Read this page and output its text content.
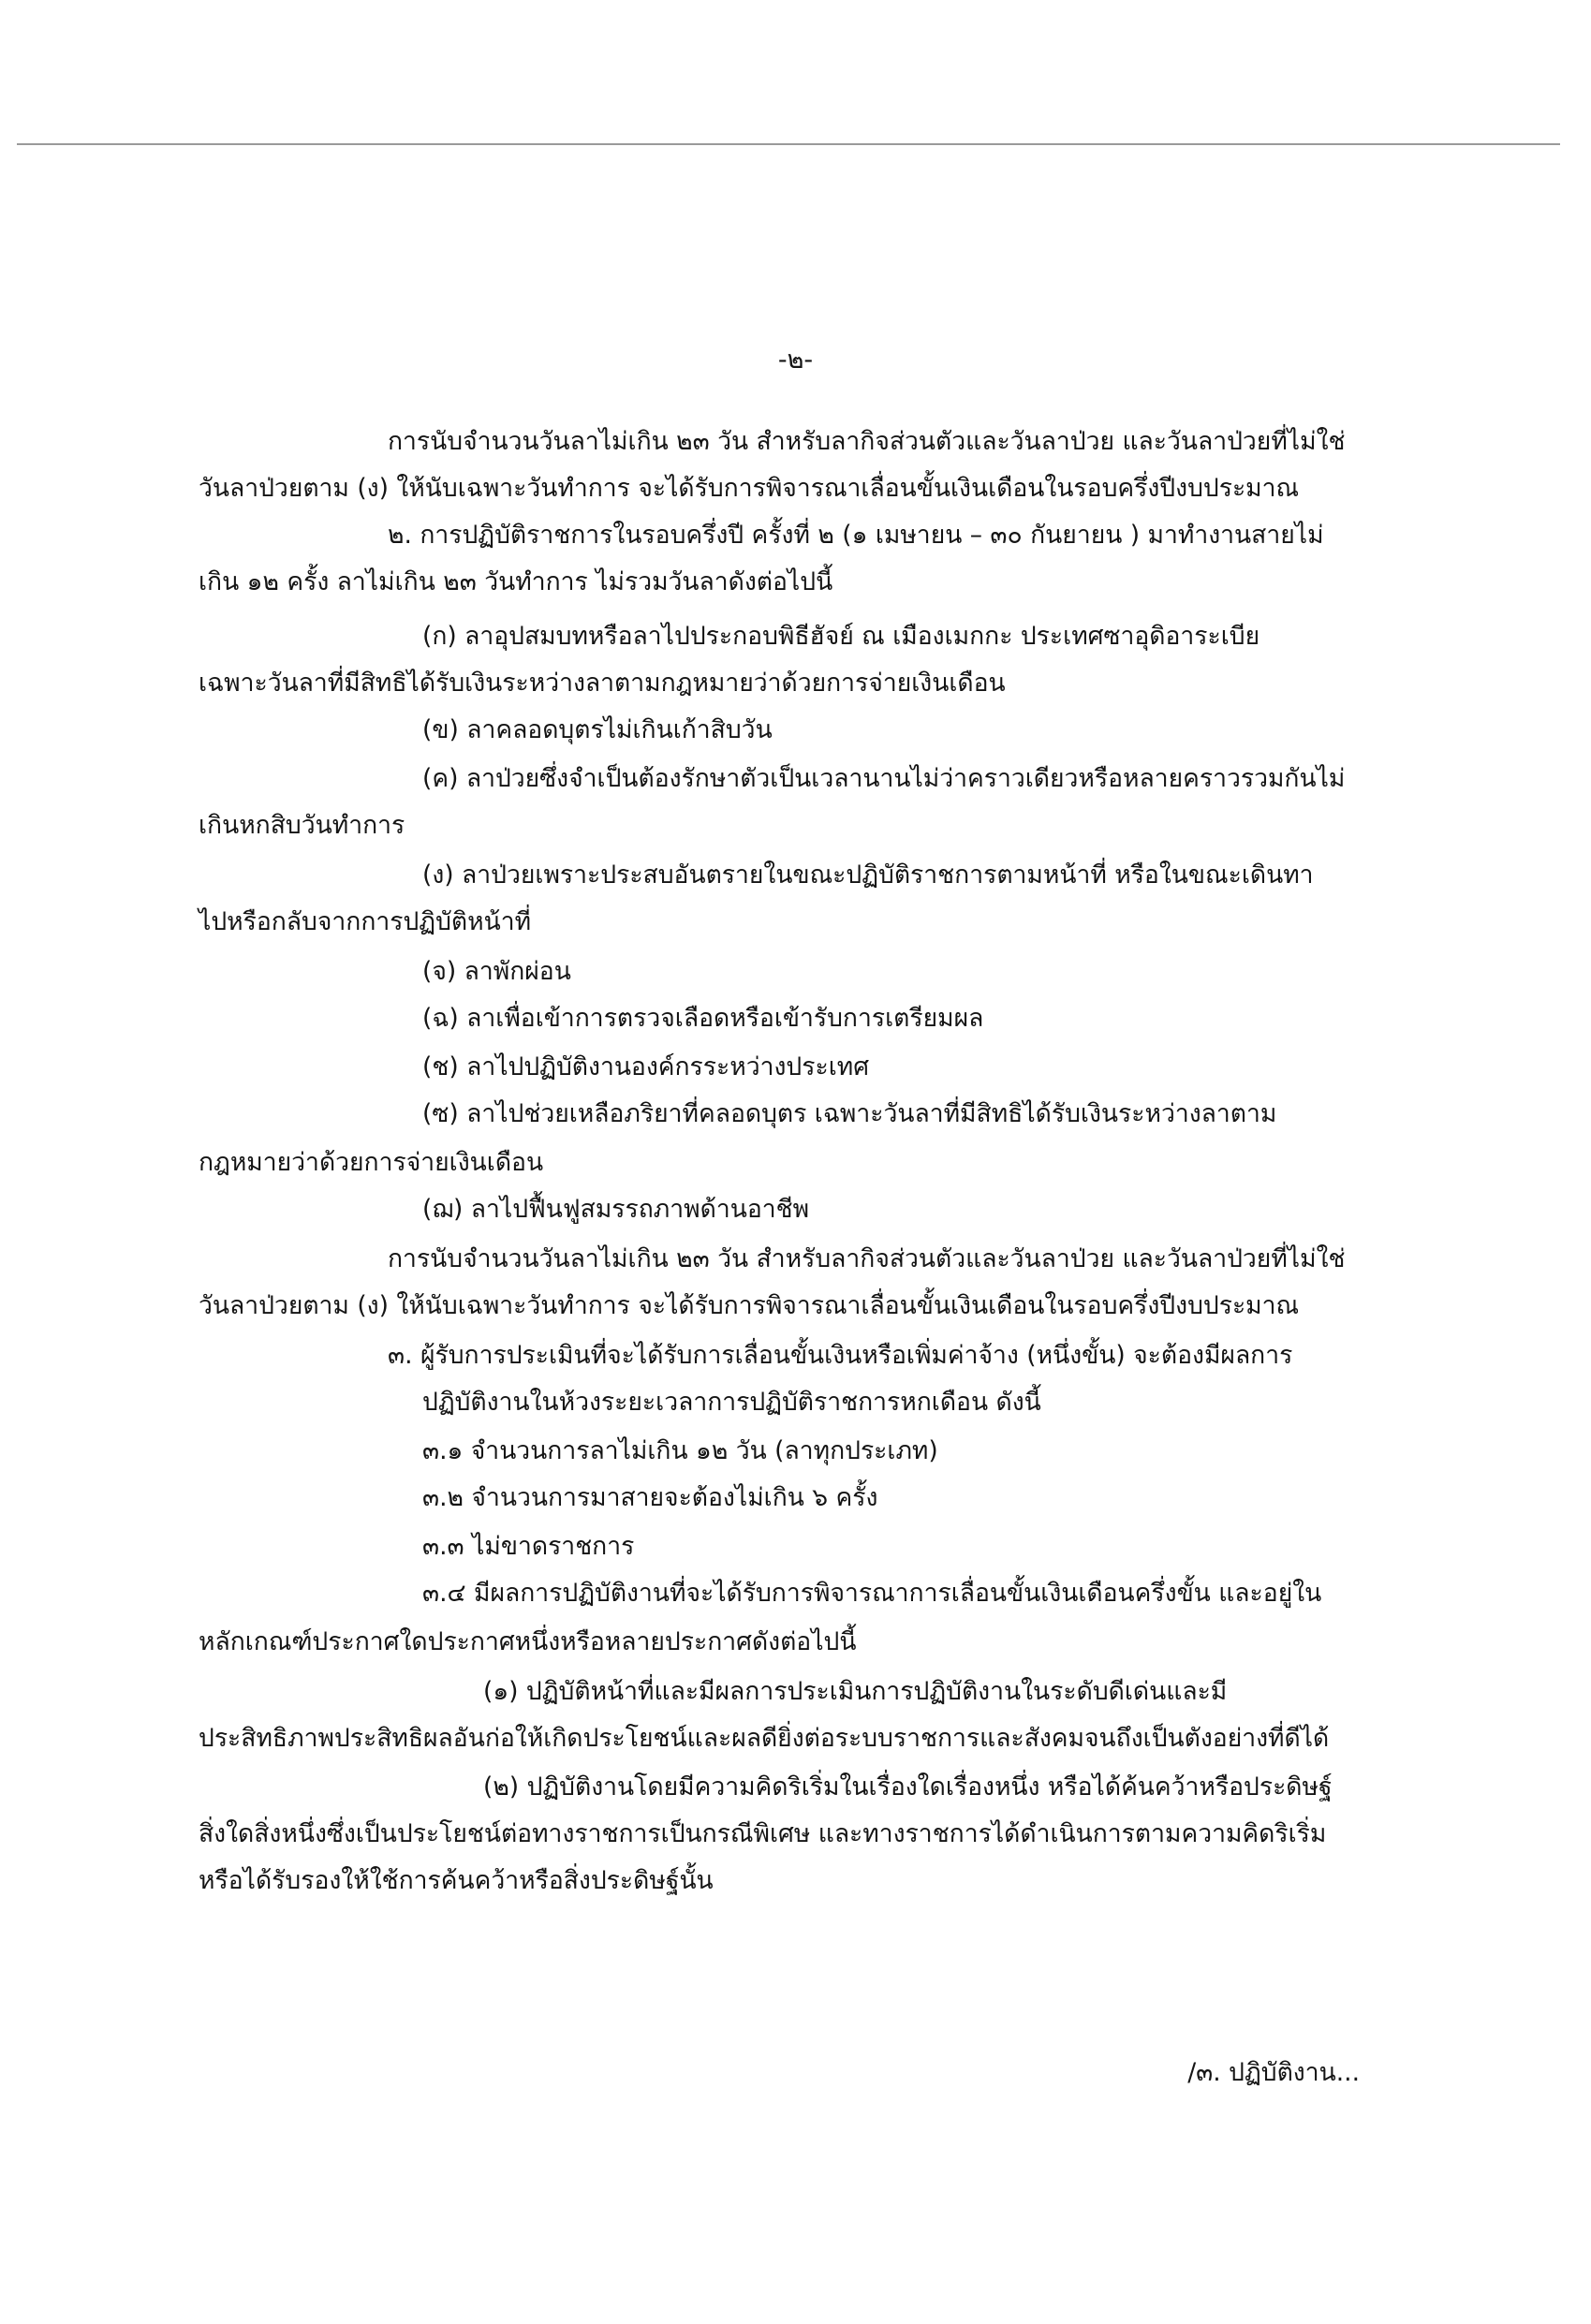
-๒-
การนับจำนวนวันลาไม่เกิน ๒๓ วัน สำหรับลากิจส่วนตัวและวันลาป่วย และวันลาป่วยที่ไม่ใช่
วันลาป่วยตาม (ง) ให้นับเฉพาะวันทำการ จะได้รับการพิจารณาเลื่อนขั้นเงินเดือนในรอบครึ่งปีงบประมาณ
๒. การปฏิบัติราชการในรอบครึ่งปี ครั้งที่ ๒ (๑ เมษายน – ๓๐ กันยายน ) มาทำงานสายไม่
เกิน ๑๒ ครั้ง ลาไม่เกิน ๒๓ วันทำการ ไม่รวมวันลาดังต่อไปนี้
(ก) ลาอุปสมบทหรือลาไปประกอบพิธีฮัจย์ ณ เมืองเมกกะ ประเทศซาอุดิอาระเบีย
เฉพาะวันลาที่มีสิทธิได้รับเงินระหว่างลาตามกฎหมายว่าด้วยการจ่ายเงินเดือน
(ข) ลาคลอดบุตรไม่เกินเก้าสิบวัน
(ค) ลาป่วยซึ่งจำเป็นต้องรักษาตัวเป็นเวลานานไม่ว่าคราวเดียวหรือหลายคราวรวมกันไม่
เกินหกสิบวันทำการ
(ง) ลาป่วยเพราะประสบอันตรายในขณะปฏิบัติราชการตามหน้าที่ หรือในขณะเดินทา
ไปหรือกลับจากการปฏิบัติหน้าที่
(จ) ลาพักผ่อน
(ฉ) ลาเพื่อเข้าการตรวจเลือดหรือเข้ารับการเตรียมผล
(ช) ลาไปปฏิบัติงานองค์กรระหว่างประเทศ
(ซ) ลาไปช่วยเหลือภริยาที่คลอดบุตร เฉพาะวันลาที่มีสิทธิได้รับเงินระหว่างลาตาม
กฎหมายว่าด้วยการจ่ายเงินเดือน
(ฌ) ลาไปฟื้นฟูสมรรถภาพด้านอาชีพ
การนับจำนวนวันลาไม่เกิน ๒๓ วัน สำหรับลากิจส่วนตัวและวันลาป่วย และวันลาป่วยที่ไม่ใช่
วันลาป่วยตาม (ง) ให้นับเฉพาะวันทำการ จะได้รับการพิจารณาเลื่อนขั้นเงินเดือนในรอบครึ่งปีงบประมาณ
๓. ผู้รับการประเมินที่จะได้รับการเลื่อนขั้นเงินหรือเพิ่มค่าจ้าง (หนึ่งขั้น) จะต้องมีผลการ
ปฏิบัติงานในห้วงระยะเวลาการปฏิบัติราชการหกเดือน ดังนี้
๓.๑ จำนวนการลาไม่เกิน ๑๒ วัน (ลาทุกประเภท)
๓.๒ จำนวนการมาสายจะต้องไม่เกิน ๖ ครั้ง
๓.๓ ไม่ขาดราชการ
๓.๔ มีผลการปฏิบัติงานที่จะได้รับการพิจารณาการเลื่อนขั้นเงินเดือนครึ่งขั้น และอยู่ใน
หลักเกณฑ์ประกาศใดประกาศหนึ่งหรือหลายประกาศดังต่อไปนี้
(๑) ปฏิบัติหน้าที่และมีผลการประเมินการปฏิบัติงานในระดับดีเด่นและมี
ประสิทธิภาพประสิทธิผลอันก่อให้เกิดประโยชน์และผลดียิ่งต่อระบบราชการและสังคมจนถึงเป็นตังอย่างที่ดีได้
(๒) ปฏิบัติงานโดยมีความคิดริเริ่มในเรื่องใดเรื่องหนึ่ง หรือได้ค้นคว้าหรือประดิษฐ์
สิ่งใดสิ่งหนึ่งซึ่งเป็นประโยชน์ต่อทางราชการเป็นกรณีพิเศษ และทางราชการได้ดำเนินการตามความคิดริเริ่ม
หรือได้รับรองให้ใช้การค้นคว้าหรือสิ่งประดิษฐ์นั้น
/๓. ปฏิบัติงาน...
